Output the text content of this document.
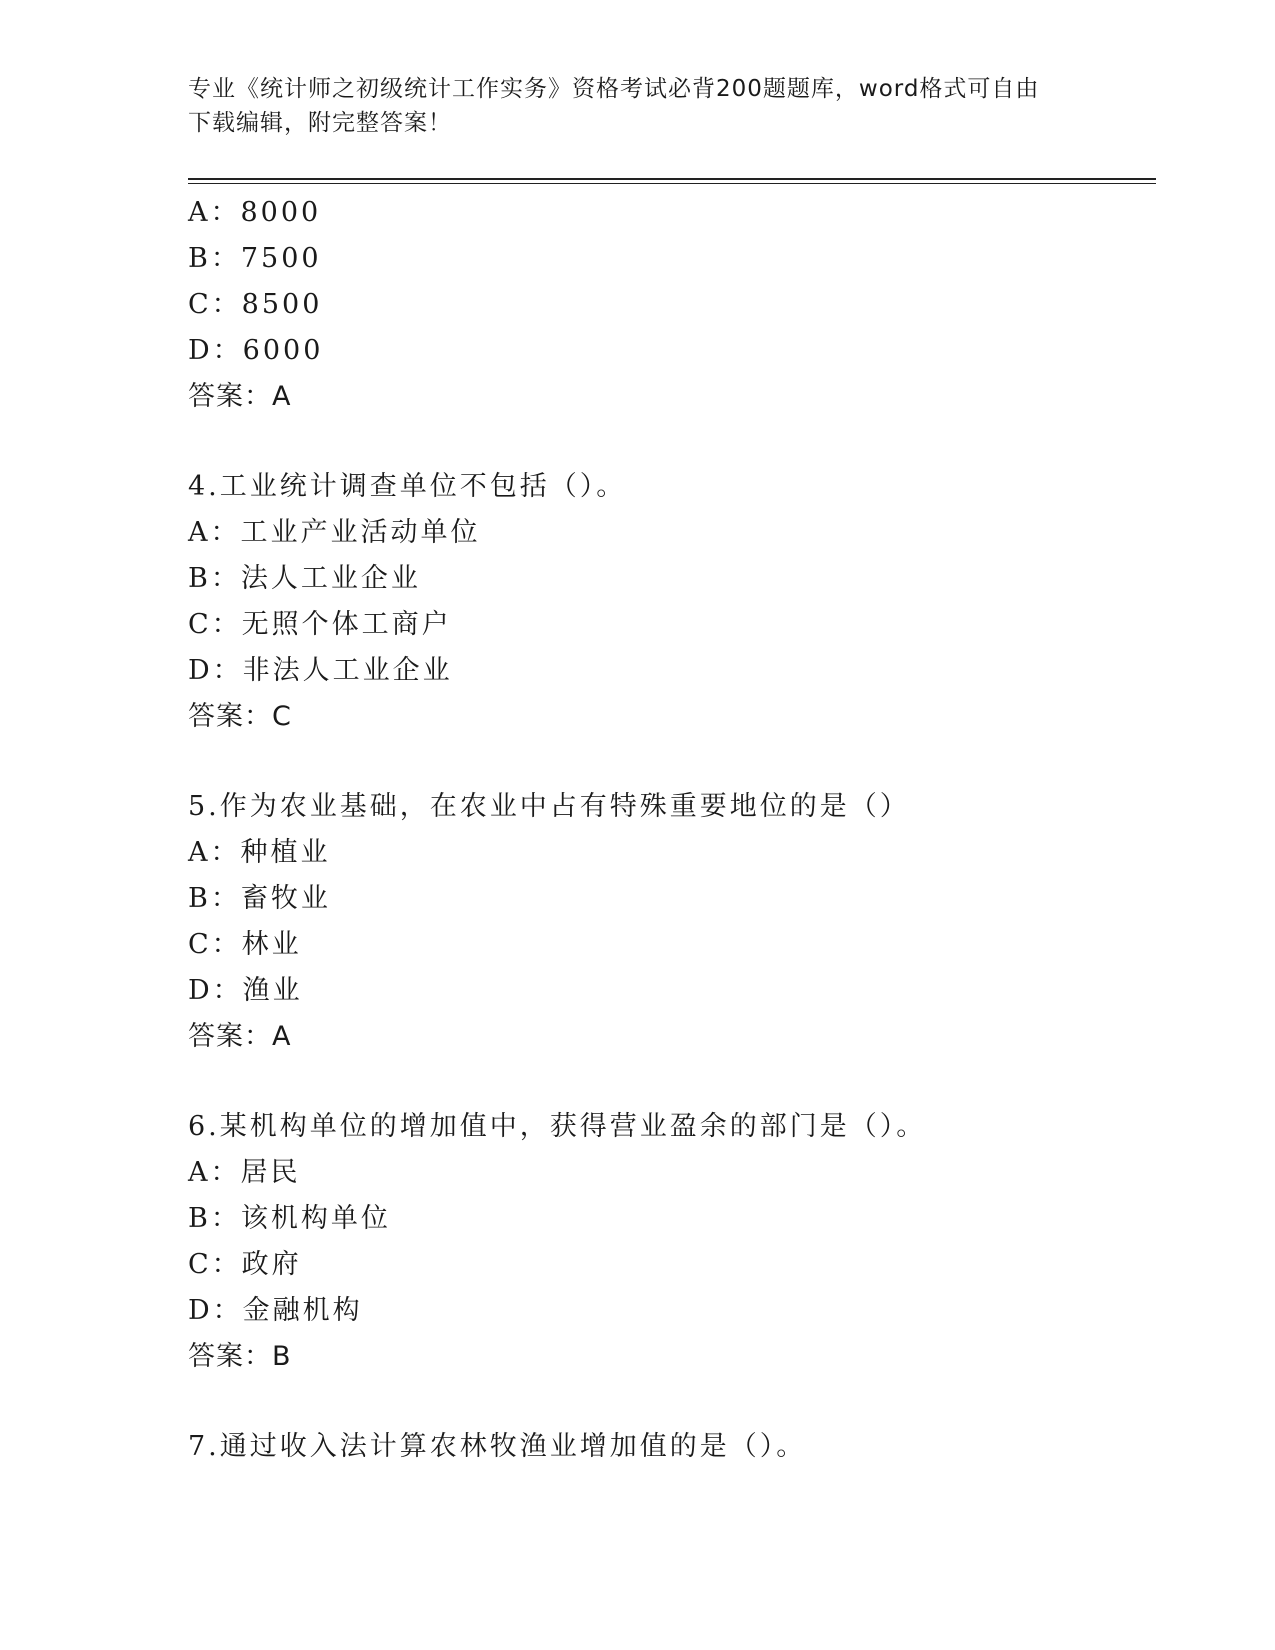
专业《统计师之初级统计工作实务》资格考试必背200题题库，word格式可自由
下载编辑，附完整答案！
A：8000
B：7500
C：8500
D：6000
答案：A
4.工业统计调查单位不包括（）。
A：工业产业活动单位
B：法人工业企业
C：无照个体工商户
D：非法人工业企业
答案：C
5.作为农业基础，在农业中占有特殊重要地位的是（）
A：种植业
B：畜牧业
C：林业
D：渔业
答案：A
6.某机构单位的增加值中，获得营业盈余的部门是（）。
A：居民
B：该机构单位
C：政府
D：金融机构
答案：B
7.通过收入法计算农林牧渔业增加值的是（）。
